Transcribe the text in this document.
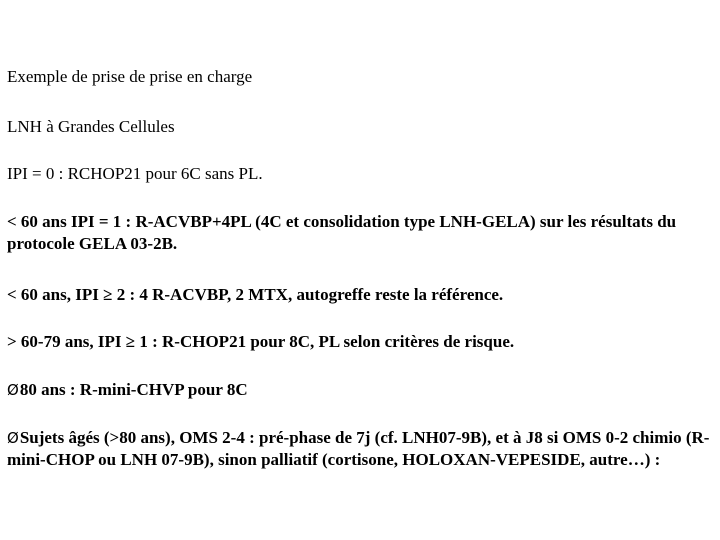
Exemple de prise de prise en charge
LNH à Grandes Cellules
IPI = 0 : RCHOP21 pour 6C sans PL.
< 60 ans IPI = 1 : R-ACVBP+4PL (4C et consolidation type LNH-GELA) sur les résultats du protocole GELA 03-2B.
< 60 ans, IPI ≥ 2 : 4 R-ACVBP, 2 MTX, autogreffe reste la référence.
> 60-79 ans, IPI ≥ 1 : R-CHOP21 pour 8C, PL selon critères de risque.
Ø80 ans : R-mini-CHVP pour 8C
ØSujets âgés (>80 ans), OMS 2-4 : pré-phase de 7j (cf. LNH07-9B), et à J8 si OMS 0-2 chimio (R-mini-CHOP ou LNH 07-9B), sinon palliatif (cortisone, HOLOXAN-VEPESIDE, autre…) :
